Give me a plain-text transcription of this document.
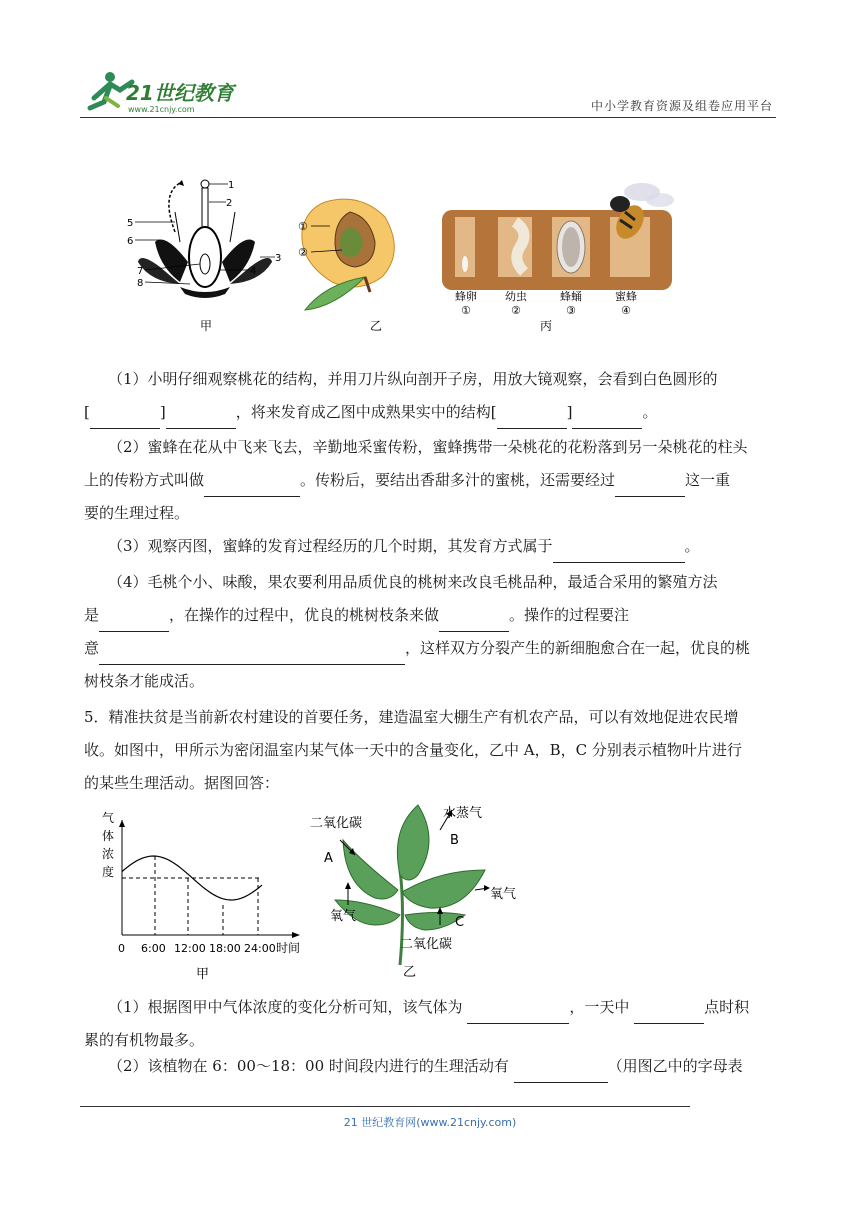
21世纪教育
www.21cnjy.com	中小学教育资源及组卷应用平台
1
2
3
4
5
6
7
8
甲
①
②
乙
蜂卵
①
幼虫
②
蜂蛹
③
蜜蜂
④
丙
（1）小明仔细观察桃花的结构，并用刀片纵向剖开子房，用放大镜观察，会看到白色圆形的
[	]	，将来发育成乙图中成熟果实中的结构[	]	。
（2）蜜蜂在花从中飞来飞去，辛勤地采蜜传粉，蜜蜂携带一朵桃花的花粉落到另一朵桃花的柱头
上的传粉方式叫做	。传粉后，要结出香甜多汁的蜜桃，还需要经过	这一重
要的生理过程。
（3）观察丙图，蜜蜂的发育过程经历的几个时期，其发育方式属于	。
（4）毛桃个小、味酸，果农要利用品质优良的桃树来改良毛桃品种，最适合采用的繁殖方法
是	，在操作的过程中，优良的桃树枝条来做	。操作的过程要注
意	，这样双方分裂产生的新细胞愈合在一起，优良的桃
树枝条才能成活。
5．精准扶贫是当前新农村建设的首要任务，建造温室大棚生产有机农产品，可以有效地促进农民增
收。如图中，甲所示为密闭温室内某气体一天中的含量变化，乙中 A，B，C 分别表示植物叶片进行
的某些生理活动。据图回答：
6:00 12:00 18:00 24:00
0	时间
甲
气
体
浓
度
二氧化碳
水蒸气
B
A
氧气
氧气	C
二氧化碳
乙
（1）根据图甲中气体浓度的变化分析可知，该气体为	，一天中	点时积
累的有机物最多。
（2）该植物在 6：00～18：00 时间段内进行的生理活动有	（用图乙中的字母表
21 世纪教育网(www.21cnjy.com)
